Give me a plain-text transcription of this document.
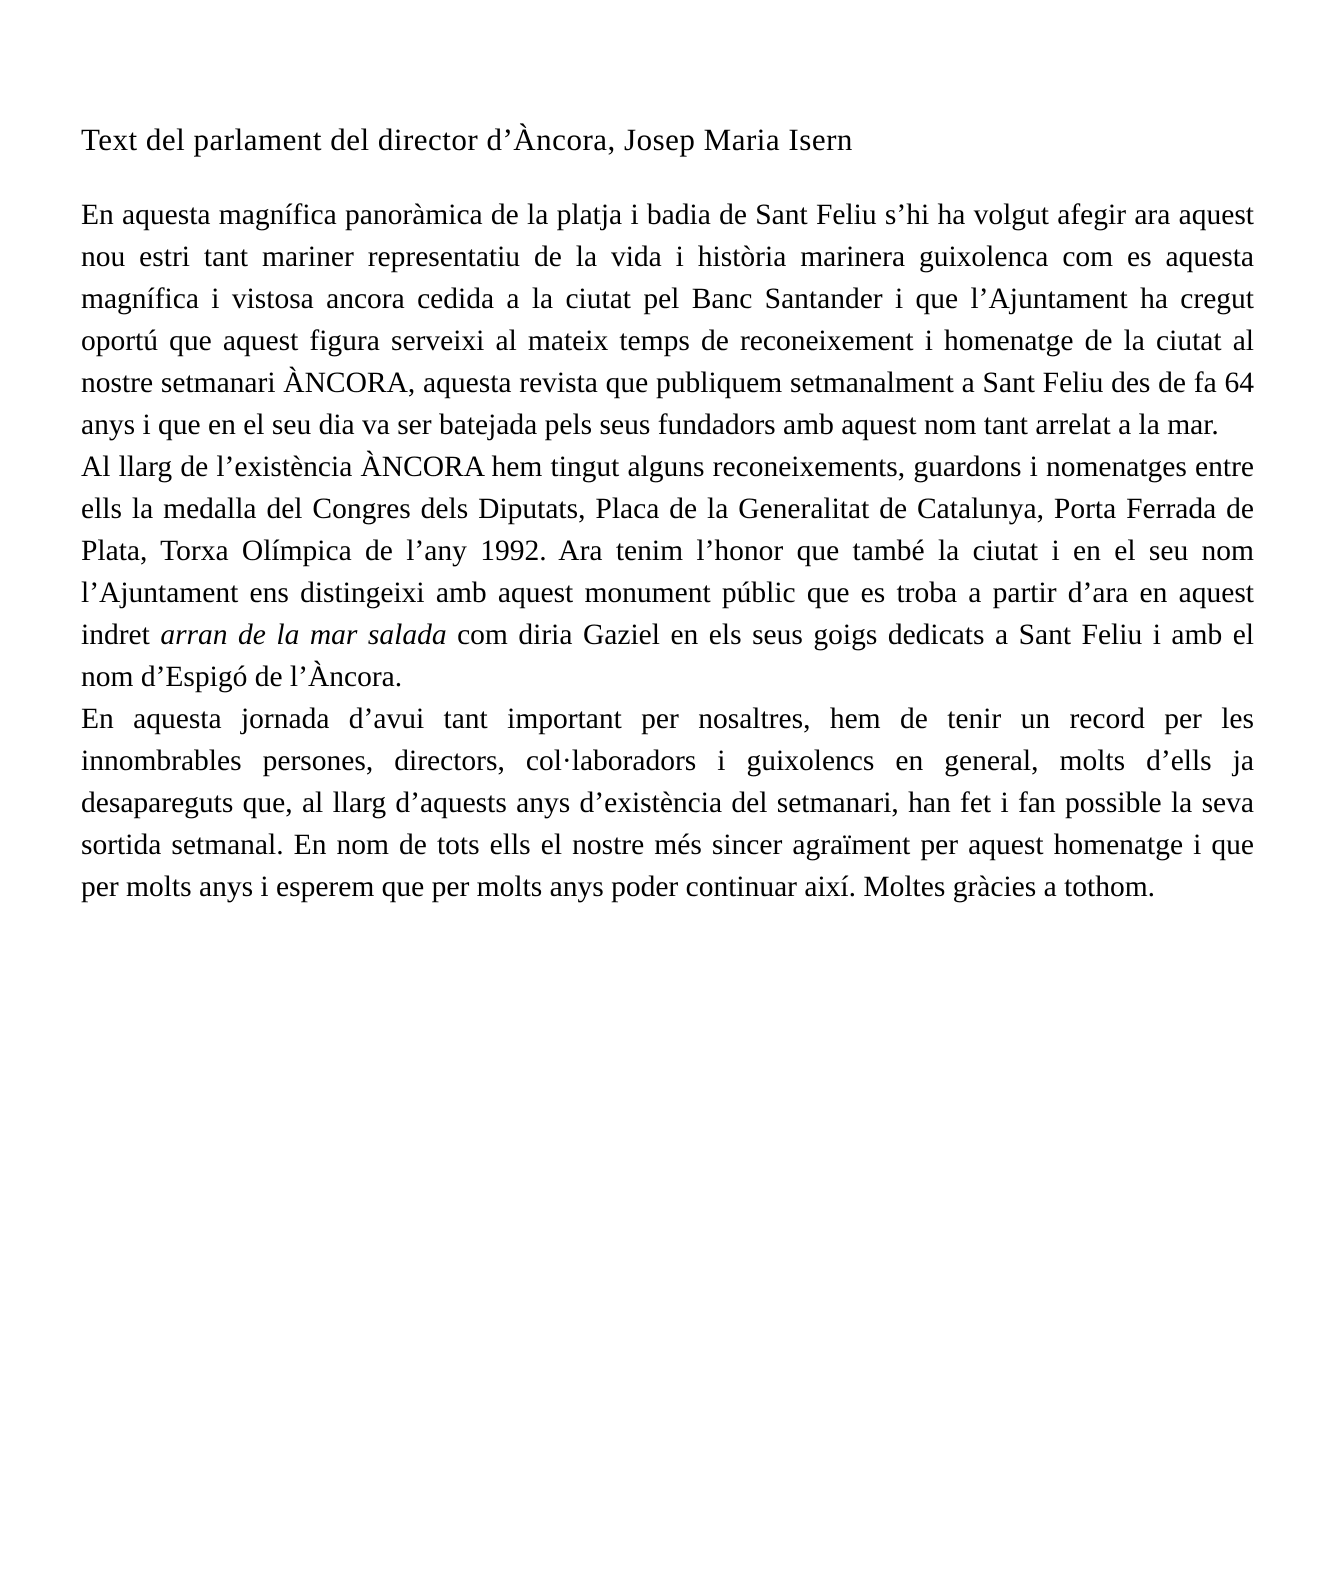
Text del parlament del director d’Àncora, Josep Maria Isern

En aquesta magnífica panoràmica de la platja i badia de Sant Feliu s’hi ha volgut afegir ara aquest nou estri tant mariner representatiu de la vida i història marinera guixolenca com es aquesta magnífica i vistosa ancora cedida a la ciutat pel Banc Santander i que l’Ajuntament ha cregut oportú que aquest figura serveixi al mateix temps de reconeixement i homenatge de la ciutat al nostre setmanari ÀNCORA, aquesta revista que publiquem setmanalment a Sant Feliu des de fa 64 anys i que en el seu dia va ser batejada pels seus fundadors amb aquest nom tant arrelat a la mar.

Al llarg de l’existència ÀNCORA hem tingut alguns reconeixements, guardons i nomenatges entre ells la medalla del Congres dels Diputats, Placa de la Generalitat de Catalunya, Porta Ferrada de Plata, Torxa Olímpica de l’any 1992. Ara tenim l’honor que també la ciutat i en el seu nom l’Ajuntament ens distingeixi amb aquest monument públic que es troba a partir d’ara en aquest indret arran de la mar salada com diria Gaziel en els seus goigs dedicats a Sant Feliu i amb el nom d’Espigó de l’Àncora.

En aquesta jornada d’avui tant important per nosaltres, hem de tenir un record per les innombrables persones, directors, col·laboradors i guixolencs en general, molts d’ells ja desapareguts que, al llarg d’aquests anys d’existència del setmanari, han fet i fan possible la seva sortida setmanal. En nom de tots ells el nostre més sincer agraïment per aquest homenatge i que per molts anys i esperem que per molts anys poder continuar així. Moltes gràcies a tothom.
